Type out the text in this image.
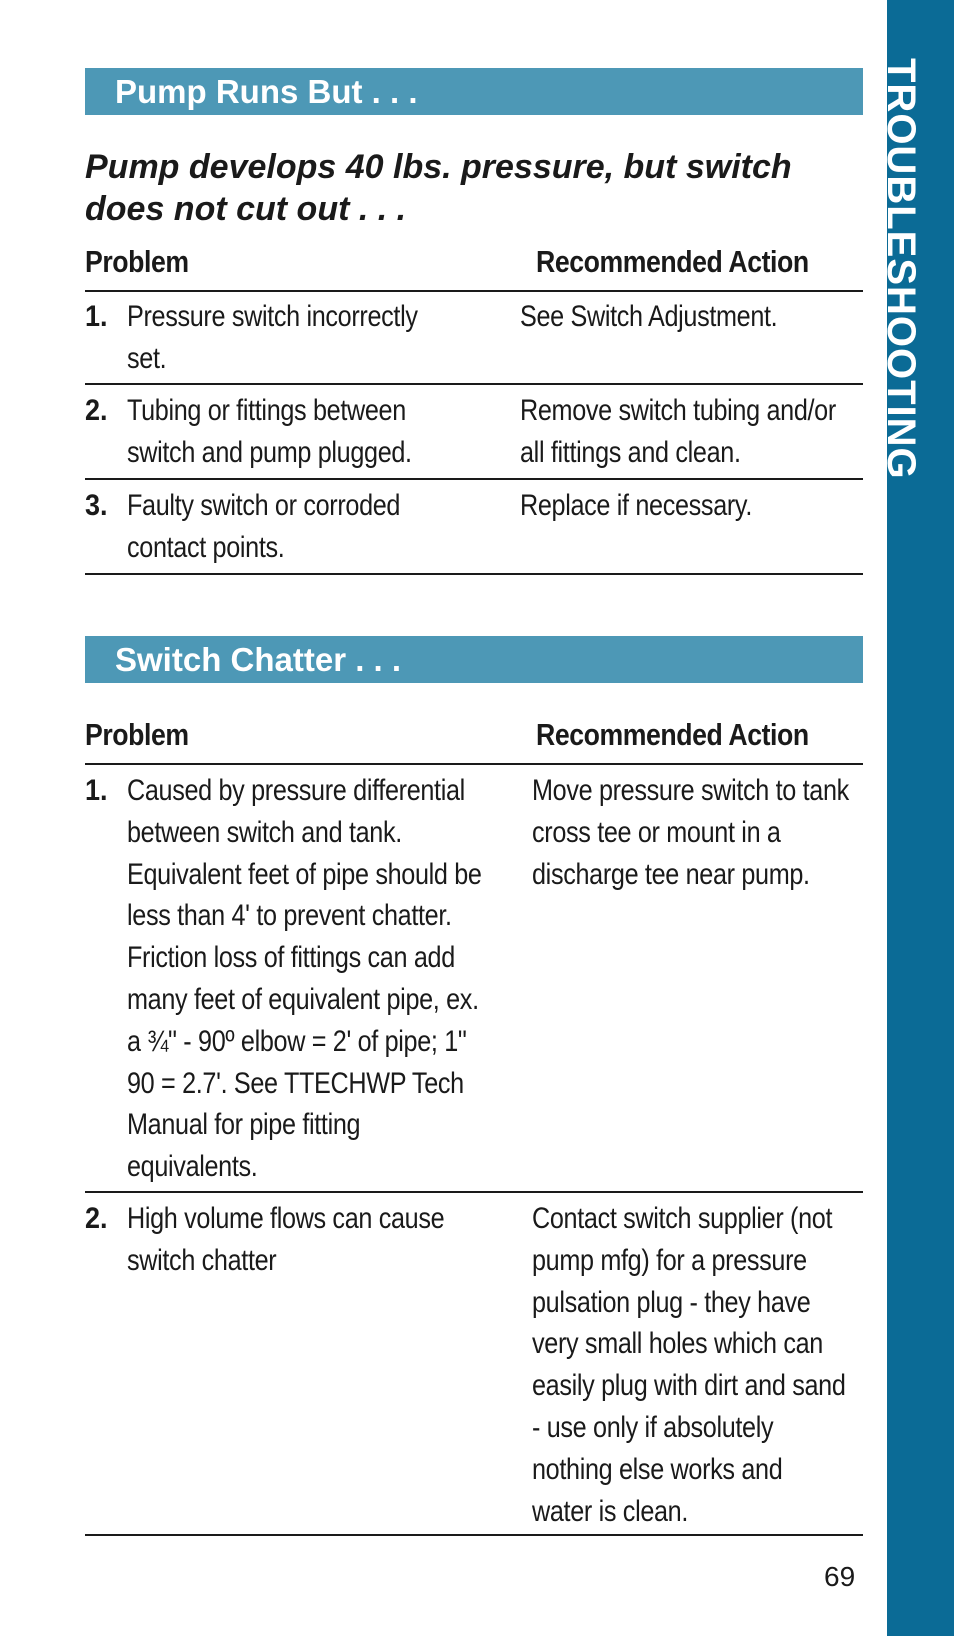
TROUBLESHOOTING
Pump Runs But . . .
Pump develops 40 lbs. pressure, but switch does not cut out . . .
Problem	Recommended Action
1. Pressure switch incorrectly set.
See Switch Adjustment.
2. Tubing or fittings between switch and pump plugged.
Remove switch tubing and/or all fittings and clean.
3. Faulty switch or corroded contact points.
Replace if necessary.
Switch Chatter . . .
Problem	Recommended Action
1. Caused by pressure differential between switch and tank. Equivalent feet of pipe should be less than 4' to prevent chatter. Friction loss of fittings can add many feet of equivalent pipe, ex. a ¾" - 90º elbow = 2' of pipe; 1" 90 = 2.7'. See TTECHWP Tech Manual for pipe fitting equivalents.
Move pressure switch to tank cross tee or mount in a discharge tee near pump.
2. High volume flows can cause switch chatter
Contact switch supplier (not pump mfg) for a pressure pulsation plug - they have very small holes which can easily plug with dirt and sand - use only if absolutely nothing else works and water is clean.
69
